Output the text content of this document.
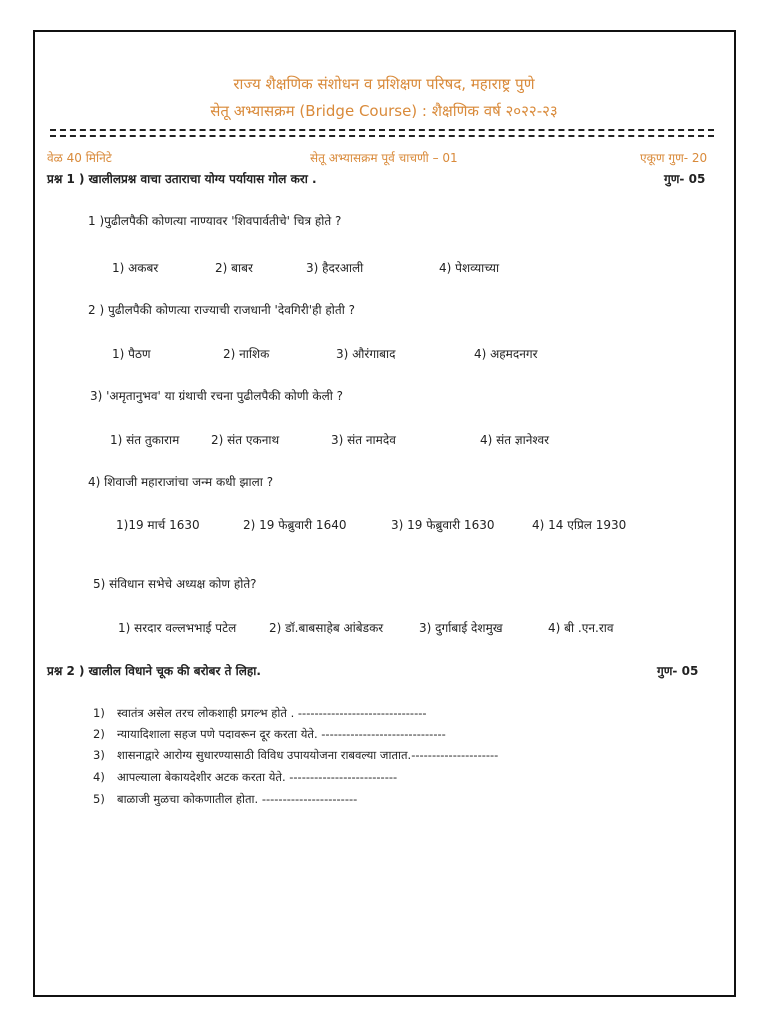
राज्य शैक्षणिक संशोधन व प्रशिक्षण परिषद, महाराष्ट्र पुणे
सेतू अभ्यासक्रम (Bridge Course) : शैक्षणिक वर्ष २०२२-२३
वेळ 40 मिनिटे	सेतू अभ्यासक्रम पूर्व चाचणी – 01	एकूण गुण- 20
प्रश्न 1 ) खालीलप्रश्न वाचा उताराचा योग्य पर्यायास गोल करा .	गुण- 05
1 )पुढीलपैकी कोणत्या नाण्यावर 'शिवपार्वतीचे' चित्र होते ?
1) अकबर	2) बाबर	3) हैदरआली	4) पेशव्याच्या
2 ) पुढीलपैकी कोणत्या राज्याची राजधानी 'देवगिरी'ही होती ?
1) पैठण	2) नाशिक	3) औरंगाबाद	4) अहमदनगर
3) 'अमृतानुभव' या ग्रंथाची रचना पुढीलपैकी कोणी केली ?
1) संत तुकाराम	2) संत एकनाथ	3) संत नामदेव	4) संत ज्ञानेश्वर
4) शिवाजी महाराजांचा जन्म कधी झाला ?
1)19 मार्च 1630	2) 19 फेब्रुवारी 1640	3) 19 फेब्रुवारी 1630	4) 14 एप्रिल 1930
5) संविधान सभेचे अध्यक्ष कोण होते?
1) सरदार वल्लभभाई पटेल	2) डॉ.बाबसाहेब आंबेडकर	3) दुर्गाबाई देशमुख	4) बी .एन.राव
प्रश्न 2 ) खालील विधाने चूक की बरोबर ते लिहा.	गुण- 05
1) स्वातंत्र असेल तरच लोकशाही प्रगल्भ होते . -------------------------------
2) न्यायादिशाला सहज पणे पदावरून दूर करता येते. ------------------------------
3) शासनाद्वारे आरोग्य सुधारण्यासाठी विविध उपाययोजना राबवल्या जातात.---------------------
4) आपल्याला बेकायदेशीर अटक करता येते. --------------------------
5) बाळाजी मुळचा कोकणातील होता. -----------------------
